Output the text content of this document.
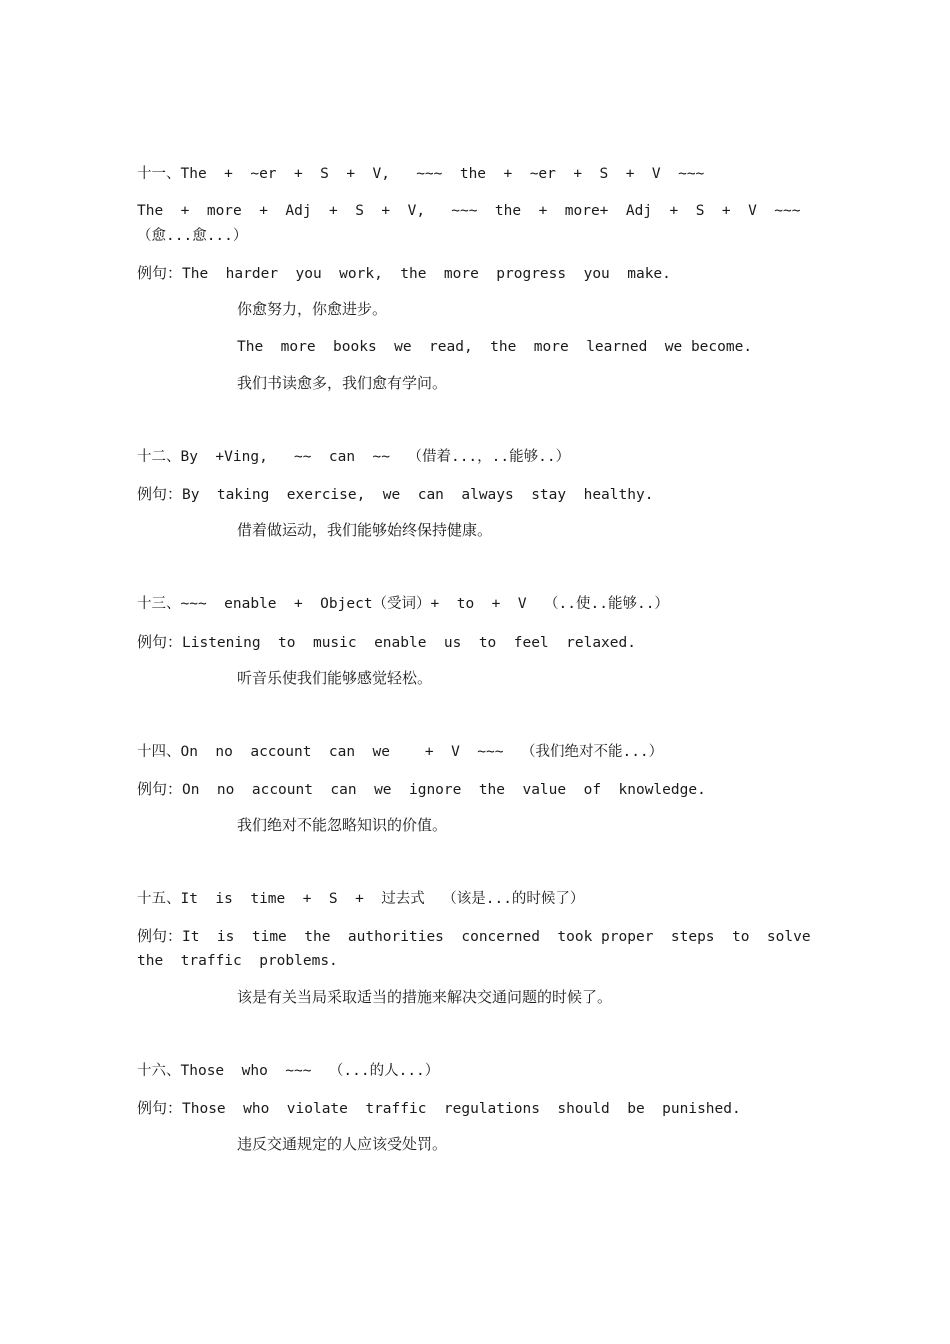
十一、The  +  ~er  +  S  +  V,   ~~~  the  +  ~er  +  S  +  V  ~~~
The  +  more  +  Adj  +  S  +  V,   ~~~  the  +  more+  Adj  +  S  +  V  ~~~
（愈...愈...）
例句：The  harder  you  work,  the  more  progress  you  make.
你愈努力，你愈进步。
The  more  books  we  read,  the  more  learned  we become.
我们书读愈多，我们愈有学问。
十二、By  +Ving,   ~~  can  ~~  （借着...，..能够..）
例句：By  taking  exercise,  we  can  always  stay  healthy.
借着做运动，我们能够始终保持健康。
十三、~~~  enable  +  Object（受词）+  to  +  V  （..使..能够..）
例句：Listening  to  music  enable  us  to  feel  relaxed.
听音乐使我们能够感觉轻松。
十四、On  no  account  can  we    +  V  ~~~  （我们绝对不能...）
例句：On  no  account  can  we  ignore  the  value  of  knowledge.
我们绝对不能忽略知识的价值。
十五、It  is  time  +  S  +  过去式  （该是...的时候了）
例句：It  is  time  the  authorities  concerned  took proper  steps  to  solve
the  traffic  problems.
该是有关当局采取适当的措施来解决交通问题的时候了。
十六、Those  who  ~~~  （...的人...）
例句：Those  who  violate  traffic  regulations  should  be  punished.
违反交通规定的人应该受处罚。
